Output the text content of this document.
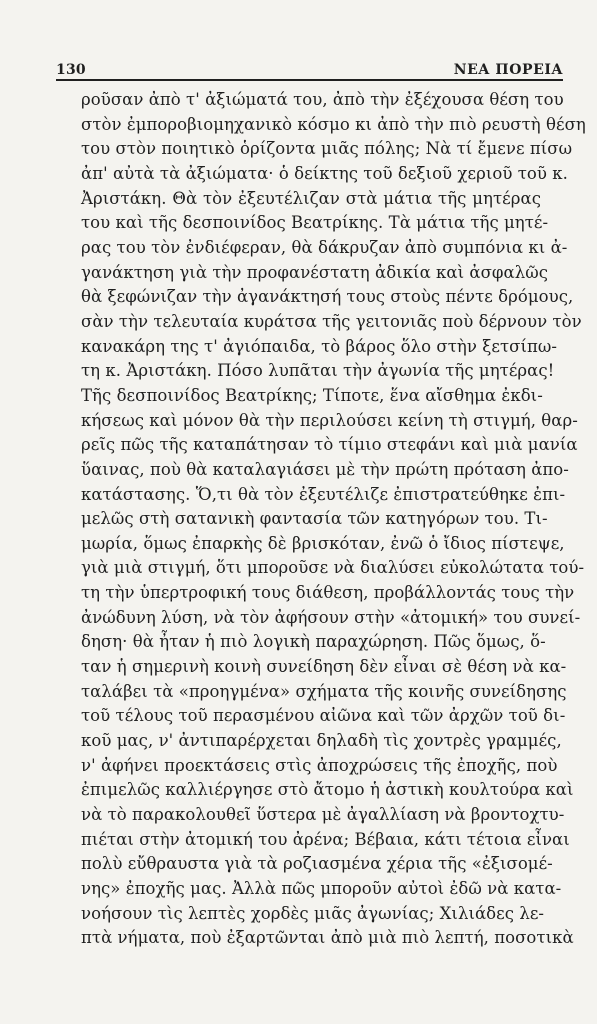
130	ΝΕΑ ΠΟΡΕΙΑ
ροῦσαν ἀπὸ τ' ἀξιώματά του, ἀπὸ τὴν ἐξέχουσα θέση του
στὸν ἐμποροβιομηχανικὸ κόσμο κι ἀπὸ τὴν πιὸ ρευστὴ θέση
του στὸν ποιητικὸ ὁρίζοντα μιᾶς πόλης; Νὰ τί ἔμενε πίσω
ἀπ' αὐτὰ τὰ ἀξιώματα· ὁ δείκτης τοῦ δεξιοῦ χεριοῦ τοῦ κ.
Ἀριστάκη. Θὰ τὸν ἐξευτέλιζαν στὰ μάτια τῆς μητέρας
του καὶ τῆς δεσποινίδος Βεατρίκης. Τὰ μάτια τῆς μητέ-
ρας του τὸν ἐνδιέφεραν, θὰ δάκρυζαν ἀπὸ συμπόνια κι ἀ-
γανάκτηση γιὰ τὴν προφανέστατη ἀδικία καὶ ἀσφαλῶς
θὰ ξεφώνιζαν τὴν ἀγανάκτησή τους στοὺς πέντε δρόμους,
σὰν τὴν τελευταία κυράτσα τῆς γειτονιᾶς ποὺ δέρνουν τὸν
κανακάρη της τ' ἀγιόπαιδα, τὸ βάρος ὅλο στὴν ξετσίπω-
τη κ. Ἀριστάκη. Πόσο λυπᾶται τὴν ἀγωνία τῆς μητέρας!
Τῆς δεσποινίδος Βεατρίκης; Τίποτε, ἕνα αἴσθημα ἐκδι-
κήσεως καὶ μόνον θὰ τὴν περιλούσει κείνη τὴ στιγμή, θαρ-
ρεῖς πῶς τῆς καταπάτησαν τὸ τίμιο στεφάνι καὶ μιὰ μανία
ὕαινας, ποὺ θὰ καταλαγιάσει μὲ τὴν πρώτη πρόταση ἀπο-
κατάστασης. Ὅ,τι θὰ τὸν ἐξευτέλιζε ἐπιστρατεύθηκε ἐπι-
μελῶς στὴ σατανικὴ φαντασία τῶν κατηγόρων του. Τι-
μωρία, ὅμως ἐπαρκὴς δὲ βρισκόταν, ἐνῶ ὁ ἴδιος πίστεψε,
γιὰ μιὰ στιγμή, ὅτι μποροῦσε νὰ διαλύσει εὐκολώτατα τού-
τη τὴν ὑπερτροφική τους διάθεση, προβάλλοντάς τους τὴν
ἀνώδυνη λύση, νὰ τὸν ἀφήσουν στὴν «ἀτομική» του συνεί-
δηση· θὰ ἦταν ἡ πιὸ λογικὴ παραχώρηση. Πῶς ὅμως, ὅ-
ταν ἡ σημερινὴ κοινὴ συνείδηση δὲν εἶναι σὲ θέση νὰ κα-
ταλάβει τὰ «προηγμένα» σχήματα τῆς κοινῆς συνείδησης
τοῦ τέλους τοῦ περασμένου αἰῶνα καὶ τῶν ἀρχῶν τοῦ δι-
κοῦ μας, ν' ἀντιπαρέρχεται δηλαδὴ τὶς χοντρὲς γραμμές,
ν' ἀφήνει προεκτάσεις στὶς ἀποχρώσεις τῆς ἐποχῆς, ποὺ
ἐπιμελῶς καλλιέργησε στὸ ἄτομο ἡ ἀστικὴ κουλτούρα καὶ
νὰ τὸ παρακολουθεῖ ὕστερα μὲ ἀγαλλίαση νὰ βροντοχτυ-
πιέται στὴν ἀτομική του ἀρένα; Βέβαια, κάτι τέτοια εἶναι
πολὺ εὔθραυστα γιὰ τὰ ροζιασμένα χέρια τῆς «ἐξισομέ-
νης» ἐποχῆς μας. Ἀλλὰ πῶς μποροῦν αὐτοὶ ἐδῶ νὰ κατα-
νοήσουν τὶς λεπτὲς χορδὲς μιᾶς ἀγωνίας; Χιλιάδες λε-
πτὰ νήματα, ποὺ ἐξαρτῶνται ἀπὸ μιὰ πιὸ λεπτή, ποσοτικὰ
